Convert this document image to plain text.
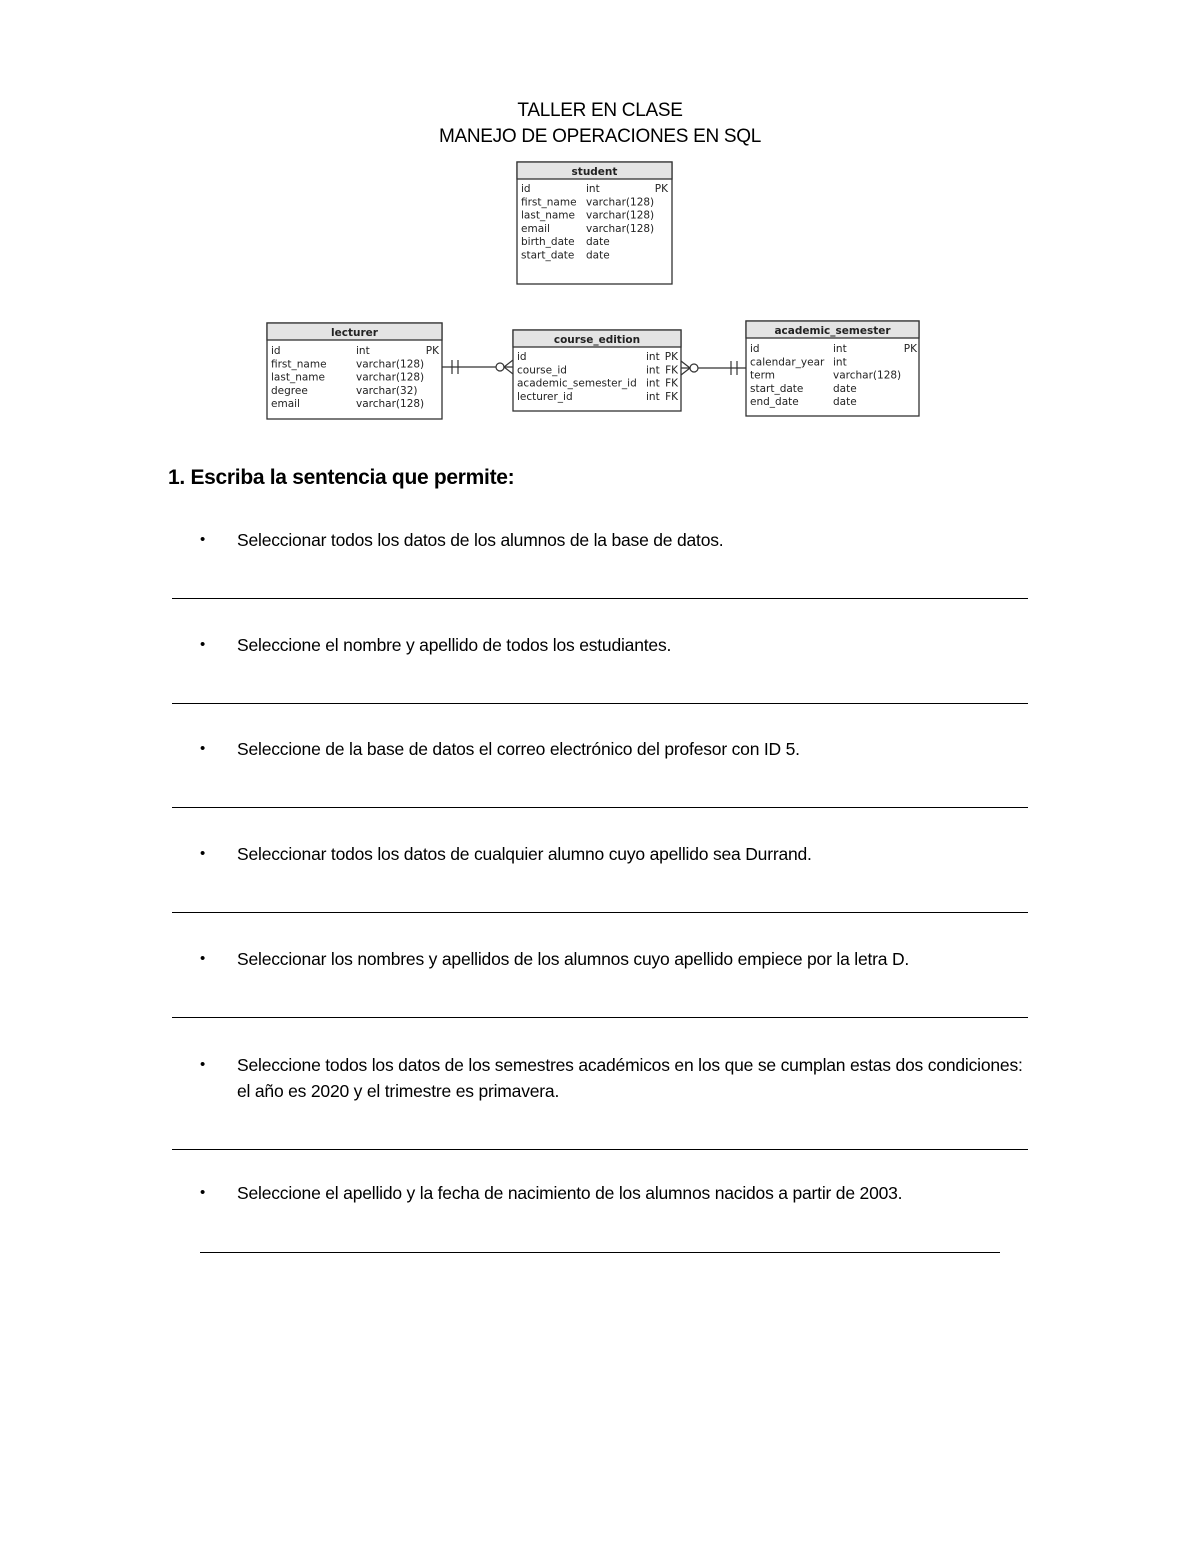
TALLER EN CLASE
MANEJO DE OPERACIONES EN SQL
student
id	int	PK
first_name varchar(128)
last_name varchar(128)
email	varchar(128)
birth_date date
start_date date
lecturer
id	int	PK
first_name	varchar(128)
last_name	varchar(128)
degree	varchar(32)
email	varchar(128)
course_edition
id	int PK
course_id	int FK
academic_semester_id int FK
lecturer_id	int FK
academic_semester
id	int	PK
calendar_year int
term	varchar(128)
start_date	date
end_date	date
1. Escriba la sentencia que permite:
• Seleccionar todos los datos de los alumnos de la base de datos.
• Seleccione el nombre y apellido de todos los estudiantes.
• Seleccione de la base de datos el correo electrónico del profesor con ID 5.
• Seleccionar todos los datos de cualquier alumno cuyo apellido sea Durrand.
• Seleccionar los nombres y apellidos de los alumnos cuyo apellido empiece por la letra D.
• Seleccione todos los datos de los semestres académicos en los que se cumplan estas dos condiciones: el año es 2020 y el trimestre es primavera.
• Seleccione el apellido y la fecha de nacimiento de los alumnos nacidos a partir de 2003.
